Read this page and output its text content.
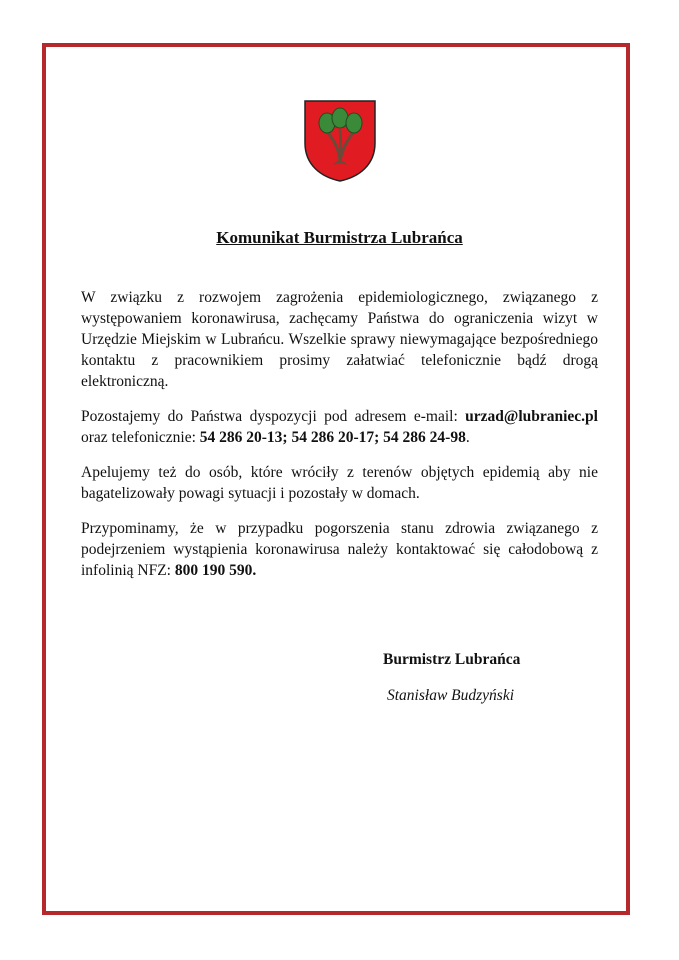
Komunikat Burmistrza Lubrańca

W związku z rozwojem zagrożenia epidemiologicznego, związanego z występowaniem koronawirusa, zachęcamy Państwa do ograniczenia wizyt w Urzędzie Miejskim w Lubrańcu. Wszelkie sprawy niewymagające bezpośredniego kontaktu z pracownikiem prosimy załatwiać telefonicznie bądź drogą elektroniczną.

Pozostajemy do Państwa dyspozycji pod adresem e-mail: urzad@lubraniec.pl oraz telefonicznie: 54 286 20-13; 54 286 20-17; 54 286 24-98.

Apelujemy też do osób, które wróciły z terenów objętych epidemią aby nie bagatelizowały powagi sytuacji i pozostały w domach.

Przypominamy, że w przypadku pogorszenia stanu zdrowia związanego z podejrzeniem wystąpienia koronawirusa należy kontaktować się całodobową z infolinią NFZ: 800 190 590.

Burmistrz Lubrańca
Stanisław Budzyński
